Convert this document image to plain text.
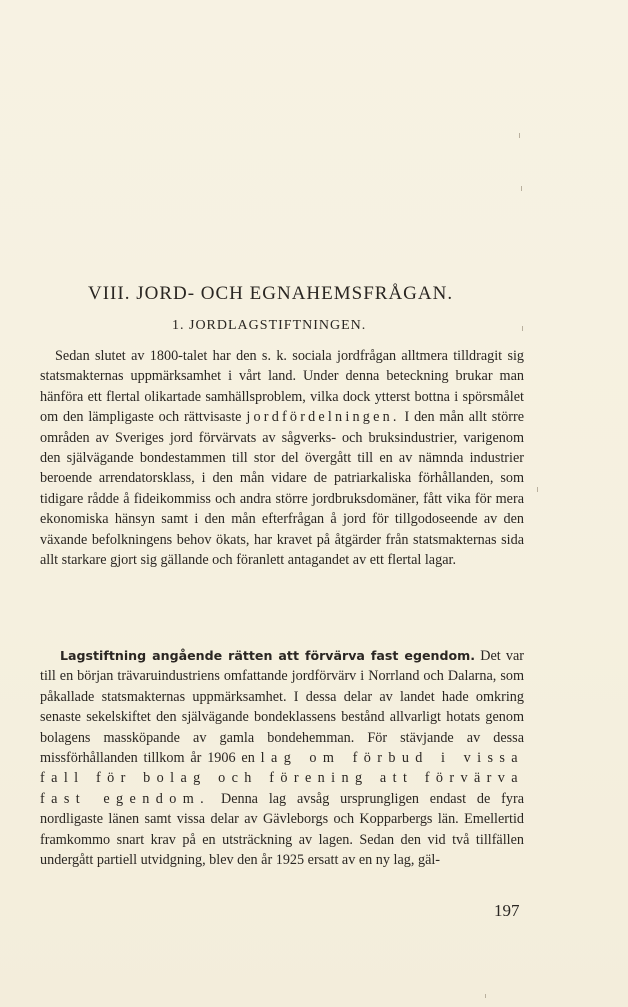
VIII. JORD- OCH EGNAHEMSFRÅGAN.
1. JORDLAGSTIFTNINGEN.

Sedan slutet av 1800-talet har den s. k. sociala jordfrågan alltmera tilldragit sig statsmakternas uppmärksamhet i vårt land. Under denna beteckning brukar man hänföra ett flertal olikartade samhällsproblem, vilka dock ytterst bottna i spörsmålet om den lämpligaste och rättvisaste jordfördelningen. I den mån allt större områden av Sveriges jord förvärvats av sågverks- och bruksindustrier, varigenom den självägande bondestammen till stor del övergått till en av nämnda industrier beroende arrendatorsklass, i den mån vidare de patriarkaliska förhållanden, som tidigare rådde å fideikommiss och andra större jordbruksdomäner, fått vika för mera ekonomiska hänsyn samt i den mån efterfrågan å jord för tillgodoseende av den växande befolkningens behov ökats, har kravet på åtgärder från statsmakternas sida allt starkare gjort sig gällande och föranlett antagandet av ett flertal lagar.

Lagstiftning angående rätten att förvärva fast egendom. Det var till en början trävaruindustriens omfattande jordförvärv i Norrland och Dalarna, som påkallade statsmakternas uppmärksamhet. I dessa delar av landet hade omkring senaste sekelskiftet den självägande bondeklassens bestånd allvarligt hotats genom bolagens massköpande av gamla bondehemman. För stävjande av dessa missförhållanden tillkom år 1906 en lag om förbud i vissa fall för bolag och förening att förvärva fast egendom. Denna lag avsåg ursprungligen endast de fyra nordligaste länen samt vissa delar av Gävleborgs och Kopparbergs län. Emellertid framkommo snart krav på en utsträckning av lagen. Sedan den vid två tillfällen undergått partiell utvidgning, blev den år 1925 ersatt av en ny lag, gäl-

197
